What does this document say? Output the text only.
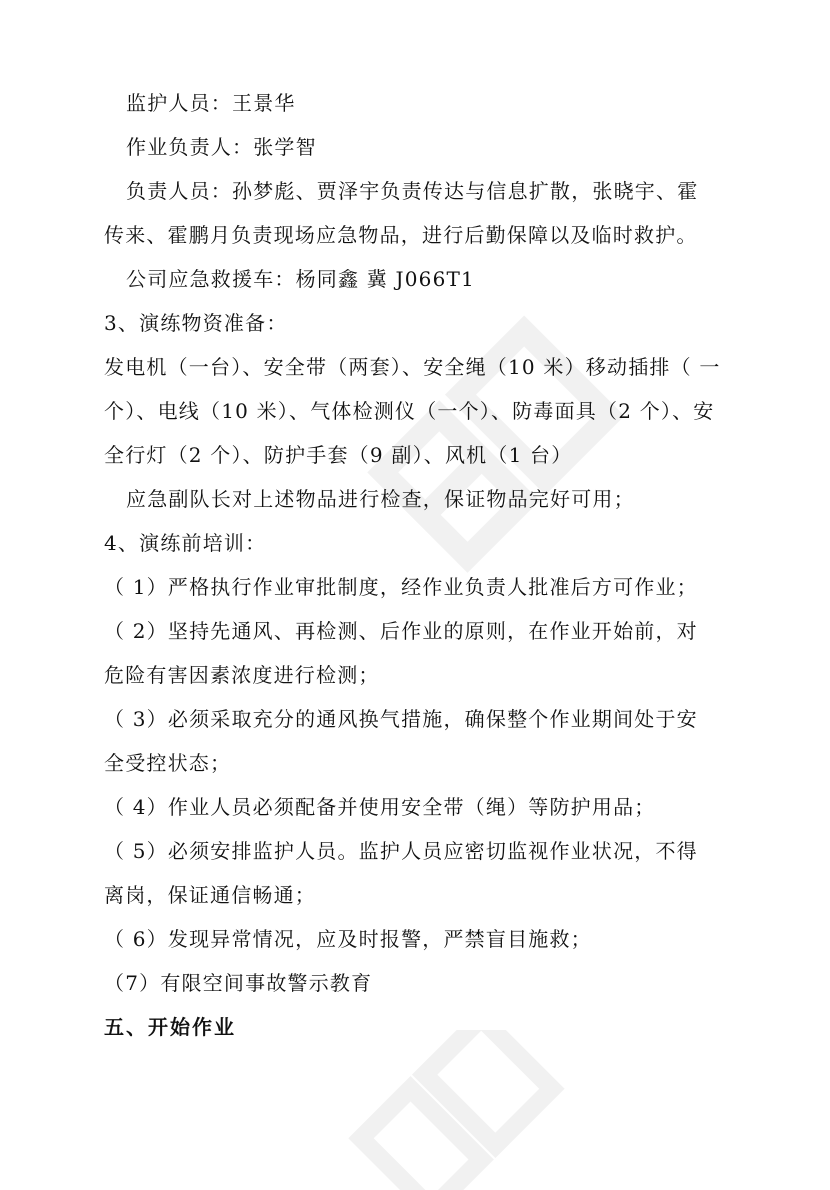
监护人员：王景华
作业负责人：张学智
负责人员：孙梦彪、贾泽宇负责传达与信息扩散，张晓宇、霍
传来、霍鹏月负责现场应急物品，进行后勤保障以及临时救护。
公司应急救援车：杨同鑫 冀 J066T1
3、演练物资准备：
发电机（一台）、安全带（两套）、安全绳（10 米）移动插排（ 一
个）、电线（10 米）、气体检测仪（一个）、防毒面具（2 个）、安
全行灯（2 个）、防护手套（9 副）、风机（1 台）
应急副队长对上述物品进行检查，保证物品完好可用；
4、演练前培训：
（ 1）严格执行作业审批制度，经作业负责人批准后方可作业；
（ 2）坚持先通风、再检测、后作业的原则，在作业开始前，对
危险有害因素浓度进行检测；
（ 3）必须采取充分的通风换气措施，确保整个作业期间处于安
全受控状态；
（ 4）作业人员必须配备并使用安全带（绳）等防护用品；
（ 5）必须安排监护人员。监护人员应密切监视作业状况，不得
离岗，保证通信畅通；
（ 6）发现异常情况，应及时报警，严禁盲目施救；
（7）有限空间事故警示教育
五、开始作业
